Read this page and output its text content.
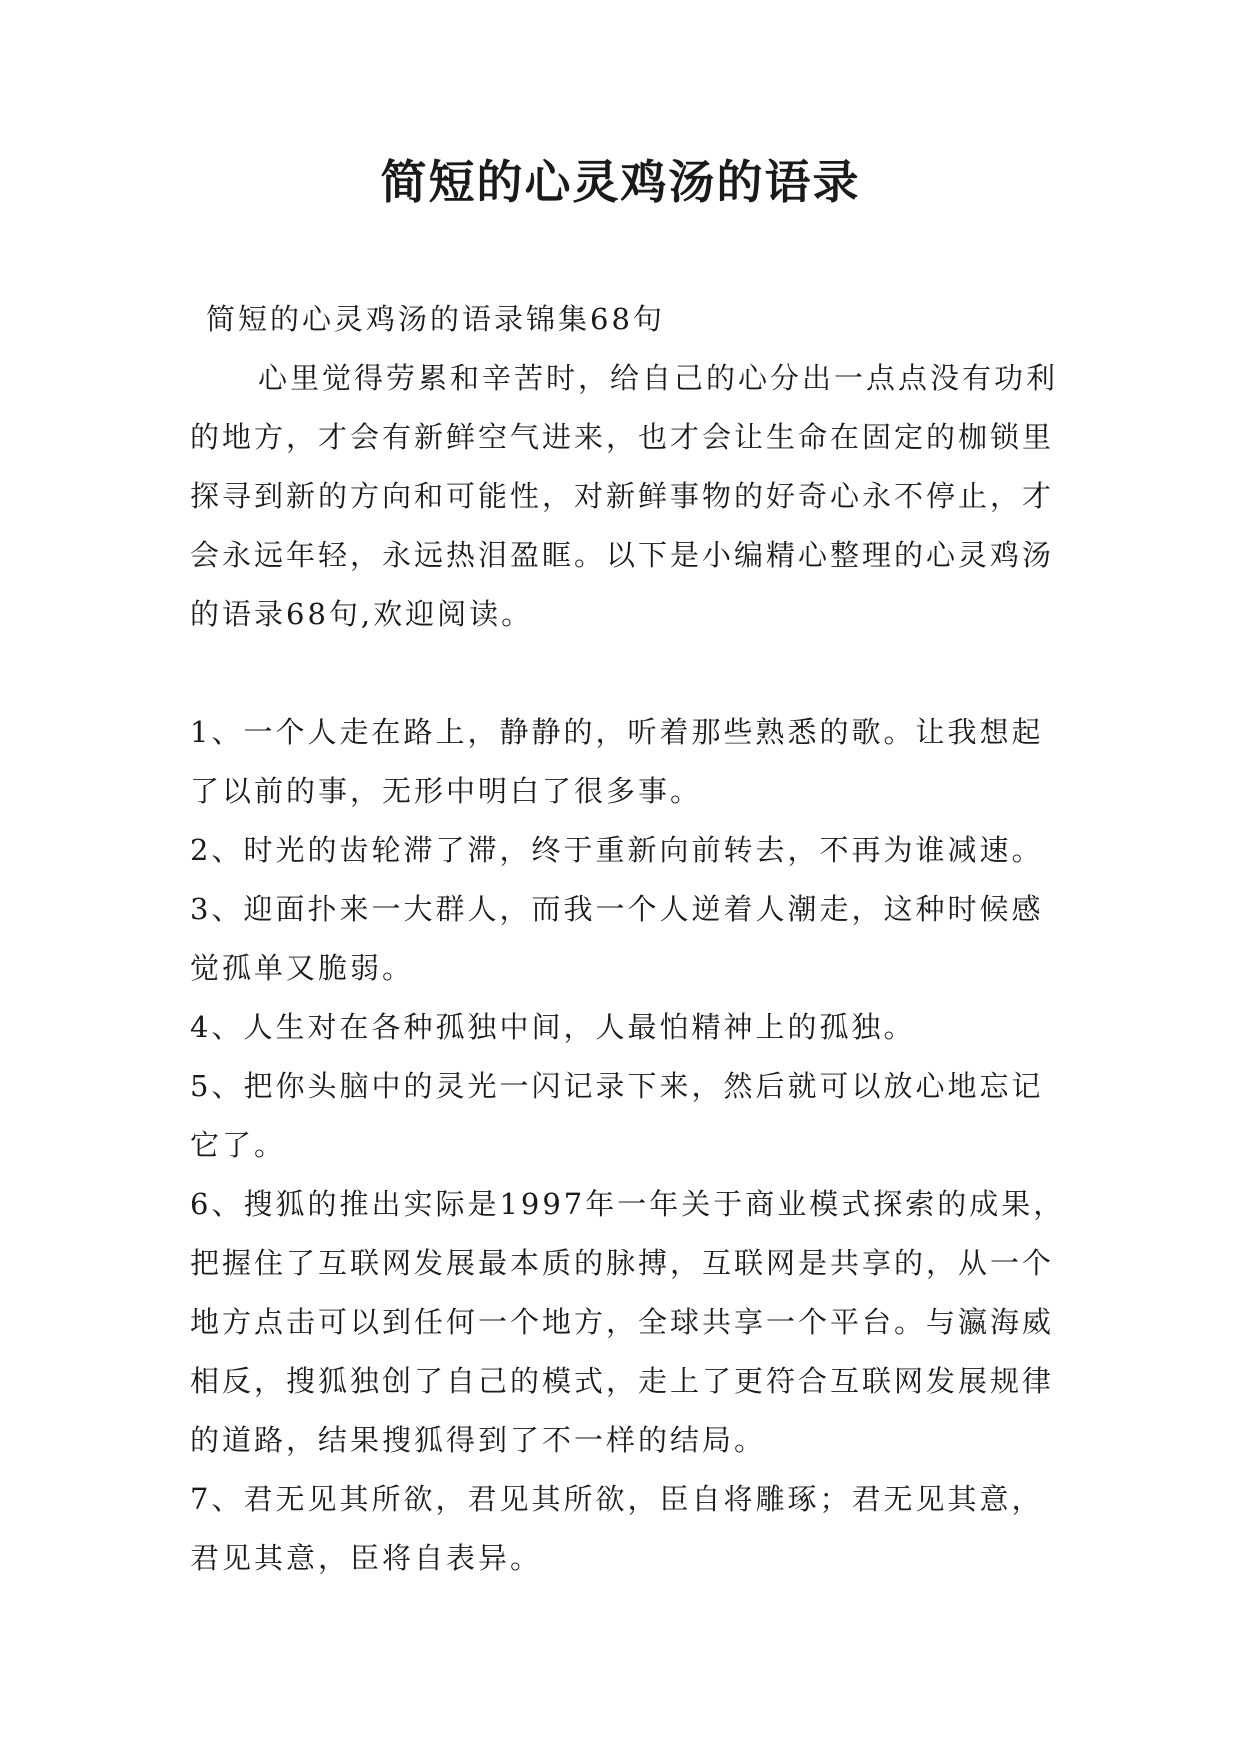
简短的心灵鸡汤的语录

简短的心灵鸡汤的语录锦集68句

心里觉得劳累和辛苦时，给自己的心分出一点点没有功利的地方，才会有新鲜空气进来，也才会让生命在固定的枷锁里探寻到新的方向和可能性，对新鲜事物的好奇心永不停止，才会永远年轻，永远热泪盈眶。以下是小编精心整理的心灵鸡汤的语录68句,欢迎阅读。

1、一个人走在路上，静静的，听着那些熟悉的歌。让我想起了以前的事，无形中明白了很多事。

2、时光的齿轮滞了滞，终于重新向前转去，不再为谁减速。

3、迎面扑来一大群人，而我一个人逆着人潮走，这种时候感觉孤单又脆弱。

4、人生对在各种孤独中间，人最怕精神上的孤独。

5、把你头脑中的灵光一闪记录下来，然后就可以放心地忘记它了。

6、搜狐的推出实际是1997年一年关于商业模式探索的成果，把握住了互联网发展最本质的脉搏，互联网是共享的，从一个地方点击可以到任何一个地方，全球共享一个平台。与瀛海威相反，搜狐独创了自己的模式，走上了更符合互联网发展规律的道路，结果搜狐得到了不一样的结局。

7、君无见其所欲，君见其所欲，臣自将雕琢；君无见其意，君见其意，臣将自表异。
